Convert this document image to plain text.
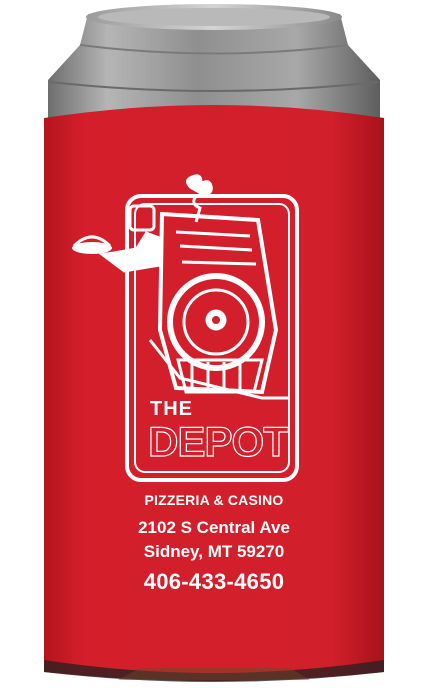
THE
DEPOT
PIZZERIA & CASINO
2102 S Central Ave
Sidney, MT 59270
406-433-4650
